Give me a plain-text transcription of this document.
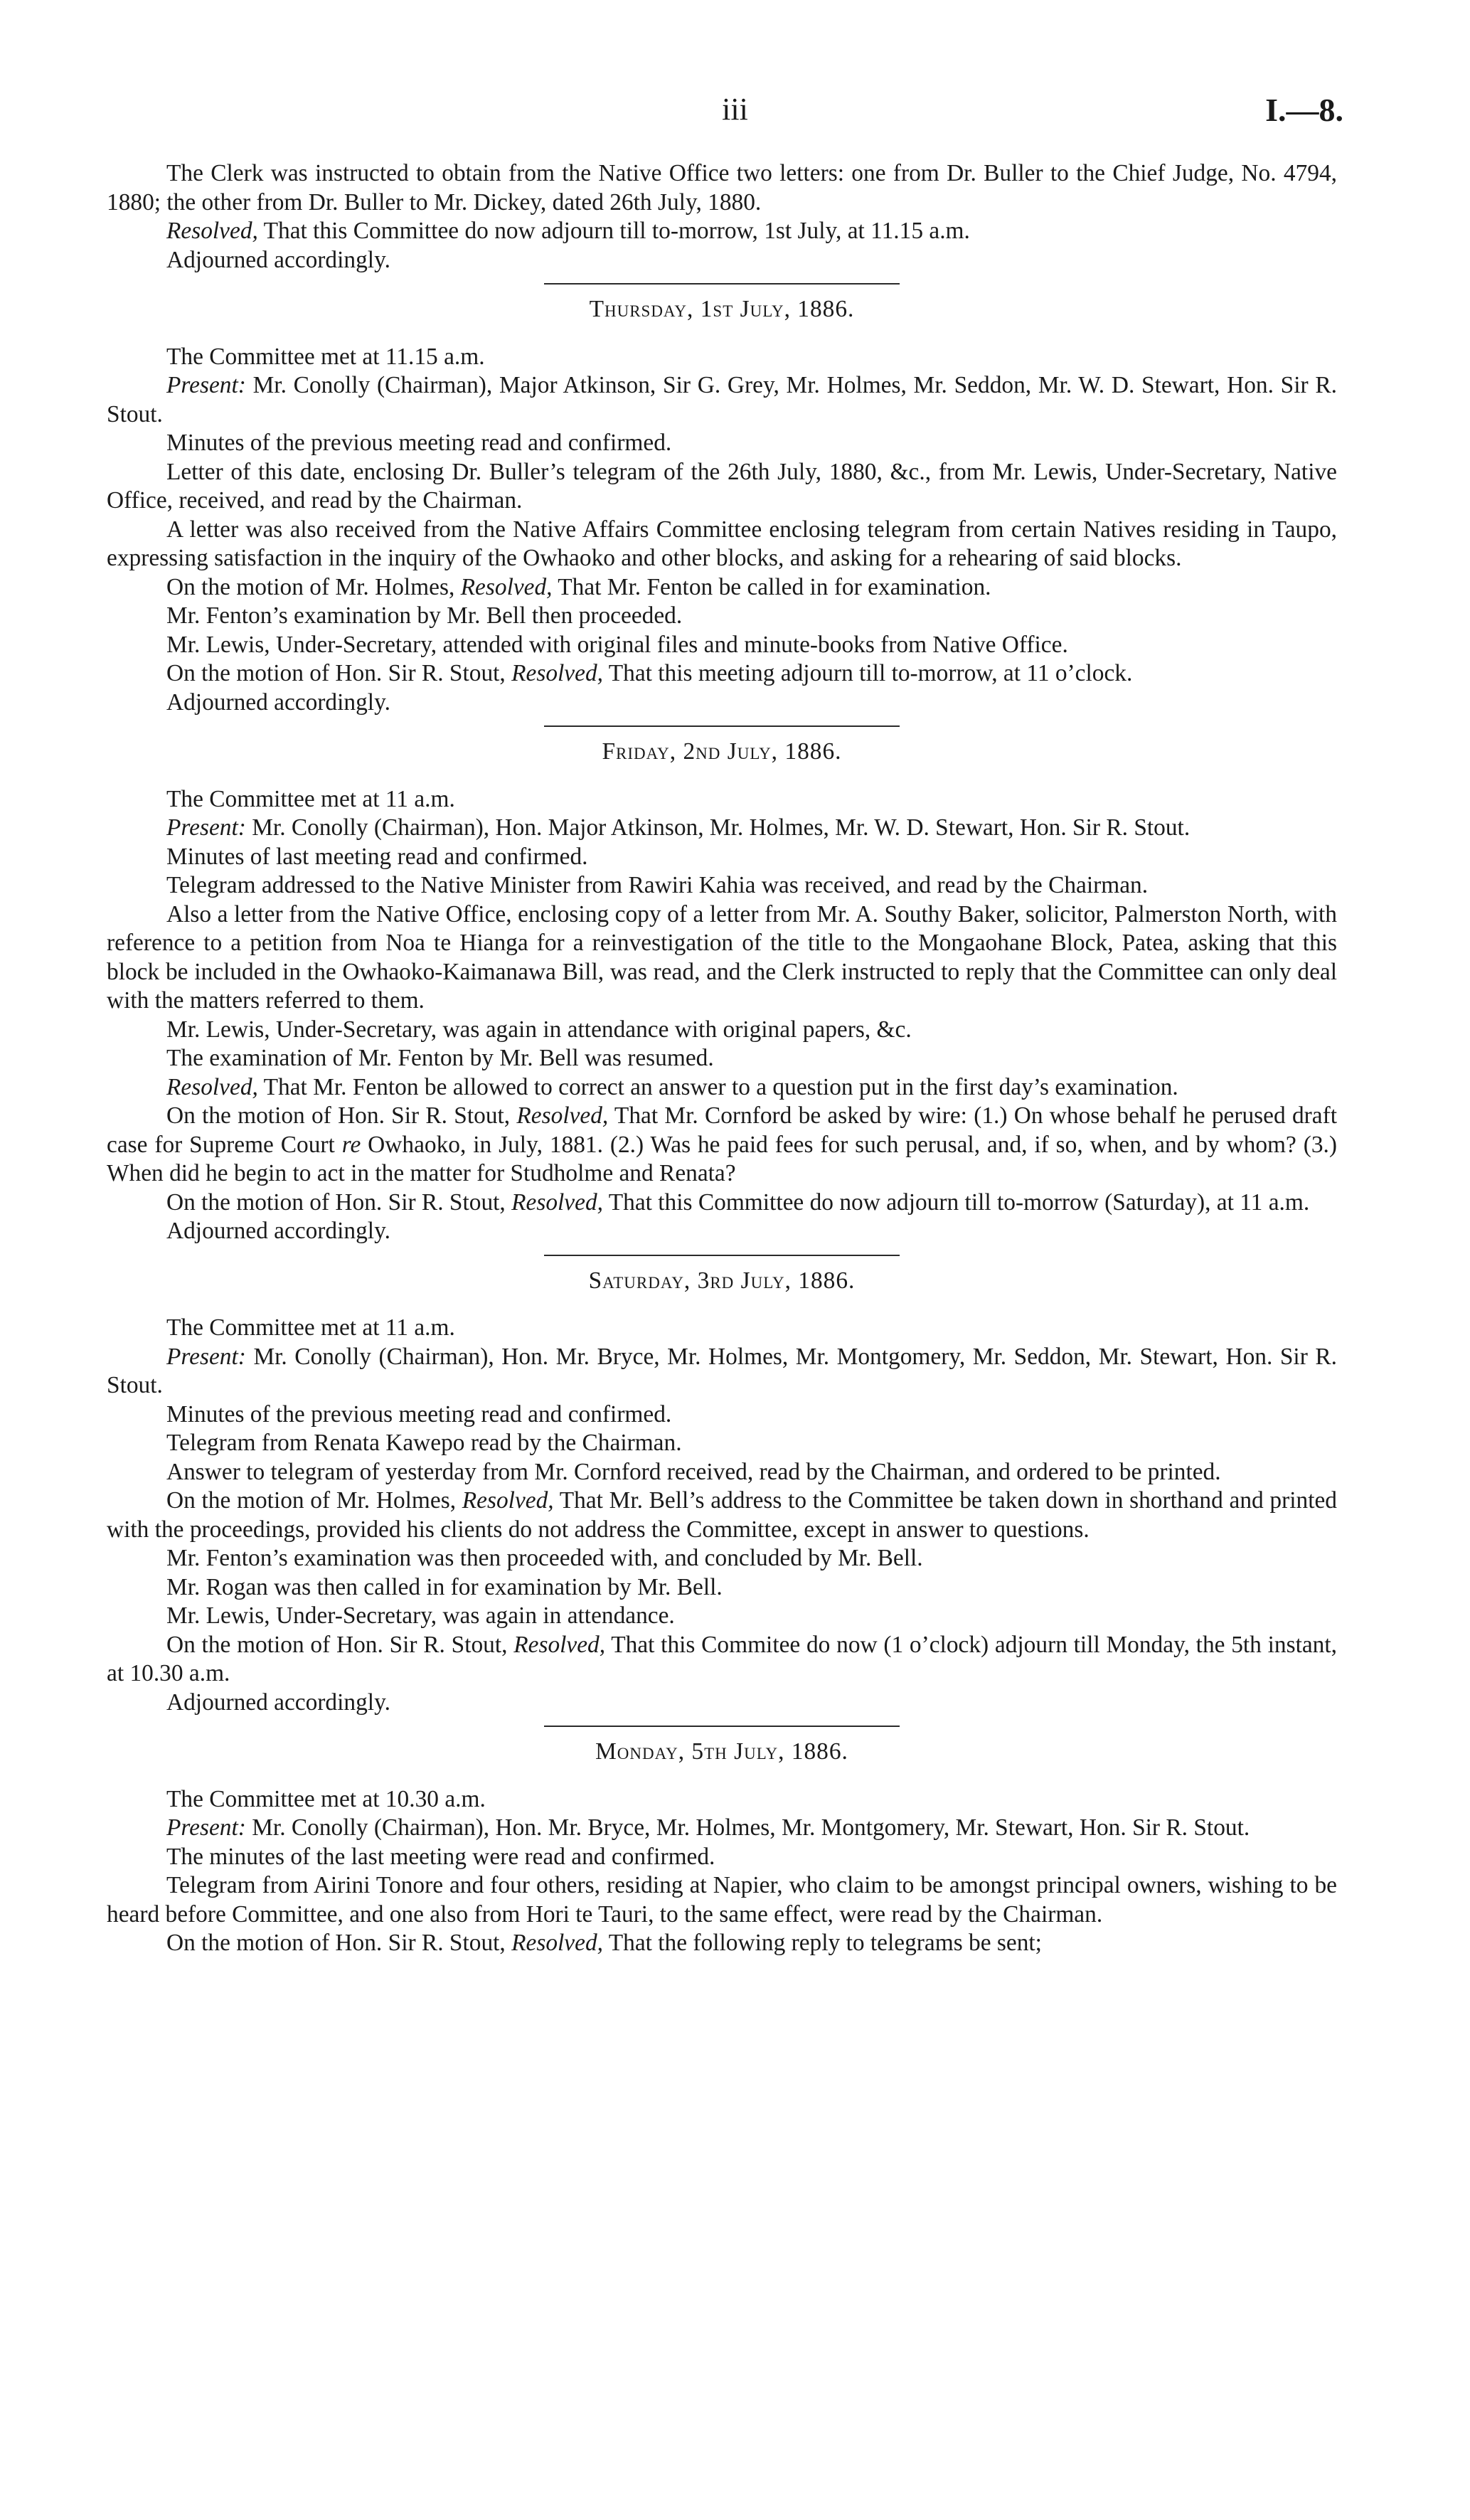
iii	I.—8.

The Clerk was instructed to obtain from the Native Office two letters: one from Dr. Buller to the Chief Judge, No. 4794, 1880; the other from Dr. Buller to Mr. Dickey, dated 26th July, 1880.

Resolved, That this Committee do now adjourn till to-morrow, 1st July, at 11.15 a.m.

Adjourned accordingly.

Thursday, 1st July, 1886.

The Committee met at 11.15 a.m.

Present: Mr. Conolly (Chairman), Major Atkinson, Sir G. Grey, Mr. Holmes, Mr. Seddon, Mr. W. D. Stewart, Hon. Sir R. Stout.

Minutes of the previous meeting read and confirmed.

Letter of this date, enclosing Dr. Buller’s telegram of the 26th July, 1880, &c., from Mr. Lewis, Under-Secretary, Native Office, received, and read by the Chairman.

A letter was also received from the Native Affairs Committee enclosing telegram from certain Natives residing in Taupo, expressing satisfaction in the inquiry of the Owhaoko and other blocks, and asking for a rehearing of said blocks.

On the motion of Mr. Holmes, Resolved, That Mr. Fenton be called in for examination.

Mr. Fenton’s examination by Mr. Bell then proceeded.

Mr. Lewis, Under-Secretary, attended with original files and minute-books from Native Office.

On the motion of Hon. Sir R. Stout, Resolved, That this meeting adjourn till to-morrow, at 11 o’clock.

Adjourned accordingly.

Friday, 2nd July, 1886.

The Committee met at 11 a.m.

Present: Mr. Conolly (Chairman), Hon. Major Atkinson, Mr. Holmes, Mr. W. D. Stewart, Hon. Sir R. Stout.

Minutes of last meeting read and confirmed.

Telegram addressed to the Native Minister from Rawiri Kahia was received, and read by the Chairman.

Also a letter from the Native Office, enclosing copy of a letter from Mr. A. Southy Baker, solicitor, Palmerston North, with reference to a petition from Noa te Hianga for a reinvestigation of the title to the Mongaohane Block, Patea, asking that this block be included in the Owhaoko-Kaimanawa Bill, was read, and the Clerk instructed to reply that the Committee can only deal with the matters referred to them.

Mr. Lewis, Under-Secretary, was again in attendance with original papers, &c.

The examination of Mr. Fenton by Mr. Bell was resumed.

Resolved, That Mr. Fenton be allowed to correct an answer to a question put in the first day’s examination.

On the motion of Hon. Sir R. Stout, Resolved, That Mr. Cornford be asked by wire: (1.) On whose behalf he perused draft case for Supreme Court re Owhaoko, in July, 1881. (2.) Was he paid fees for such perusal, and, if so, when, and by whom? (3.) When did he begin to act in the matter for Studholme and Renata?

On the motion of Hon. Sir R. Stout, Resolved, That this Committee do now adjourn till to-morrow (Saturday), at 11 a.m.

Adjourned accordingly.

Saturday, 3rd July, 1886.

The Committee met at 11 a.m.

Present: Mr. Conolly (Chairman), Hon. Mr. Bryce, Mr. Holmes, Mr. Montgomery, Mr. Seddon, Mr. Stewart, Hon. Sir R. Stout.

Minutes of the previous meeting read and confirmed.

Telegram from Renata Kawepo read by the Chairman.

Answer to telegram of yesterday from Mr. Cornford received, read by the Chairman, and ordered to be printed.

On the motion of Mr. Holmes, Resolved, That Mr. Bell’s address to the Committee be taken down in shorthand and printed with the proceedings, provided his clients do not address the Committee, except in answer to questions.

Mr. Fenton’s examination was then proceeded with, and concluded by Mr. Bell.

Mr. Rogan was then called in for examination by Mr. Bell.

Mr. Lewis, Under-Secretary, was again in attendance.

On the motion of Hon. Sir R. Stout, Resolved, That this Commitee do now (1 o’clock) adjourn till Monday, the 5th instant, at 10.30 a.m.

Adjourned accordingly.

Monday, 5th July, 1886.

The Committee met at 10.30 a.m.

Present: Mr. Conolly (Chairman), Hon. Mr. Bryce, Mr. Holmes, Mr. Montgomery, Mr. Stewart, Hon. Sir R. Stout.

The minutes of the last meeting were read and confirmed.

Telegram from Airini Tonore and four others, residing at Napier, who claim to be amongst principal owners, wishing to be heard before Committee, and one also from Hori te Tauri, to the same effect, were read by the Chairman.

On the motion of Hon. Sir R. Stout, Resolved, That the following reply to telegrams be sent;
